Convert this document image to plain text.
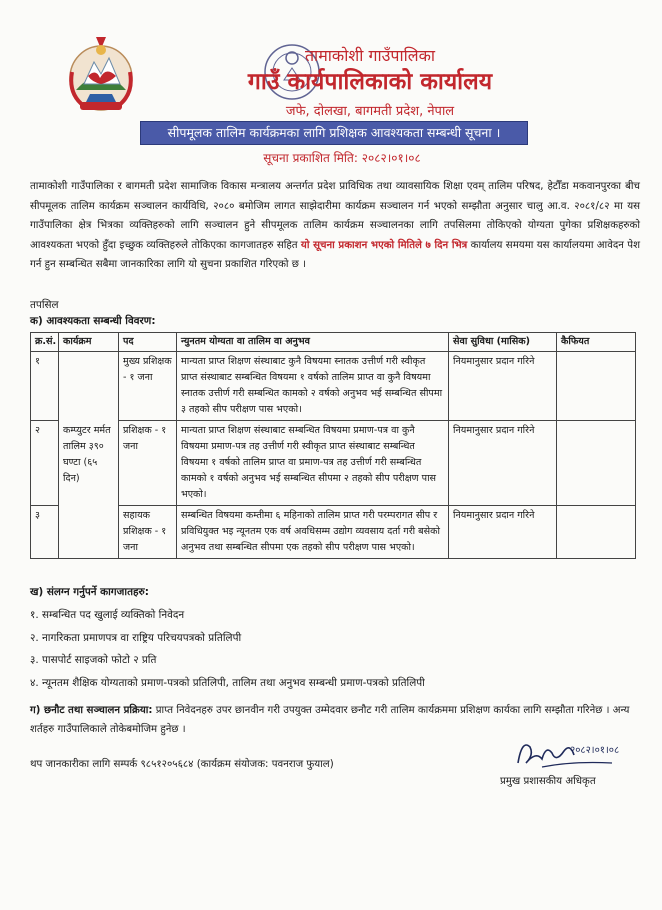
तामाकोशी गाउँपालिका
गाउँ कार्यपालिकाको कार्यालय
जफे, दोलखा, बागमती प्रदेश, नेपाल
सीपमूलक तालिम कार्यक्रमका लागि प्रशिक्षक आवश्यकता सम्बन्धी सूचना ।
सूचना प्रकाशित मिति: २०८२।०१।०८
तामाकोशी गाउँपालिका र बागमती प्रदेश सामाजिक विकास मन्त्रालय अन्तर्गत प्रदेश प्राविधिक तथा व्यावसायिक शिक्षा एवम् तालिम परिषद, हेटौँडा मकवानपुरका बीच सीपमूलक तालिम कार्यक्रम सञ्चालन कार्यविधि, २०८० बमोजिम लागत साझेदारीमा कार्यक्रम सञ्चालन गर्न भएको सम्झौता अनुसार चालु आ.व. २०८१/८२ मा यस गाउँपालिका क्षेत्र भित्रका व्यक्तिहरुको लागि सञ्चालन हुने सीपमूलक तालिम कार्यक्रम सञ्चालनका लागि तपसिलमा तोकिएको योग्यता पुगेका प्रशिक्षकहरुको आवश्यकता भएको हुँदा इच्छुक व्यक्तिहरुले तोकिएका कागजातहरु सहित यो सूचना प्रकाशन भएको मितिले ७ दिन भित्र कार्यालय समयमा यस कार्यालयमा आवेदन पेश गर्न हुन सम्बन्धित सबैमा जानकारिका लागि यो सुचना प्रकाशित गरिएको छ ।
तपसिल
क) आवश्यकता सम्बन्धी विवरण:
क्र.सं.	कार्यक्रम	पद	न्युनतम योग्यता वा तालिम वा अनुभव	सेवा सुविधा (मासिक)	कैफियत
१	कम्प्युटर मर्मत तालिम ३९० घण्टा (६५ दिन)	मुख्य प्रशिक्षक - १ जना	मान्यता प्राप्त शिक्षण संस्थाबाट कुनै विषयमा स्नातक उत्तीर्ण गरी स्वीकृत प्राप्त संस्थाबाट सम्बन्धित विषयमा १ वर्षको तालिम प्राप्त वा कुनै विषयमा स्नातक उत्तीर्ण गरी सम्बन्धित कामको २ वर्षको अनुभव भई सम्बन्धित सीपमा ३ तहको सीप परीक्षण पास भएको।	नियमानुसार प्रदान गरिने	
२		प्रशिक्षक - १ जना	मान्यता प्राप्त शिक्षण संस्थाबाट सम्बन्धित विषयमा प्रमाण-पत्र वा कुनै विषयमा प्रमाण-पत्र तह उत्तीर्ण गरी स्वीकृत प्राप्त संस्थाबाट सम्बन्धित विषयमा १ वर्षको तालिम प्राप्त वा प्रमाण-पत्र तह उत्तीर्ण गरी सम्बन्धित कामको १ वर्षको अनुभव भई सम्बन्धित सीपमा २ तहको सीप परीक्षण पास भएको।	नियमानुसार प्रदान गरिने	
३		सहायक प्रशिक्षक - १ जना	सम्बन्धित विषयमा कम्तीमा ६ महिनाको तालिम प्राप्त गरी परम्परागत सीप र प्रविधियुक्त भइ न्यूनतम एक वर्ष अवधिसम्म उद्योग व्यवसाय दर्ता गरी बसेको अनुभव तथा सम्बन्धित सीपमा एक तहको सीप परीक्षण पास भएको।	नियमानुसार प्रदान गरिने	
ख) संलग्न गर्नुपर्ने कागजातहरु:
१. सम्बन्धित पद खुलाई व्यक्तिको निवेदन
२. नागरिकता प्रमाणपत्र वा राष्ट्रिय परिचयपत्रको प्रतिलिपी
३. पासपोर्ट साइजको फोटो २ प्रति
४. न्यूनतम शैक्षिक योग्यताको प्रमाण-पत्रको प्रतिलिपी, तालिम तथा अनुभव सम्बन्धी प्रमाण-पत्रको प्रतिलिपी
ग) छनौट तथा सञ्चालन प्रक्रिया: प्राप्त निवेदनहरु उपर छानवीन गरी उपयुक्त उम्मेदवार छनौट गरी तालिम कार्यक्रममा प्रशिक्षण कार्यका लागि सम्झौता गरिनेछ । अन्य शर्तहरु गाउँपालिकाले तोकेबमोजिम हुनेछ ।
थप जानकारीका लागि सम्पर्क ९८५१२०५६८४ (कार्यक्रम संयोजक: पवनराज फुयाल)
२०८२।०१।०८
प्रमुख प्रशासकीय अधिकृत
